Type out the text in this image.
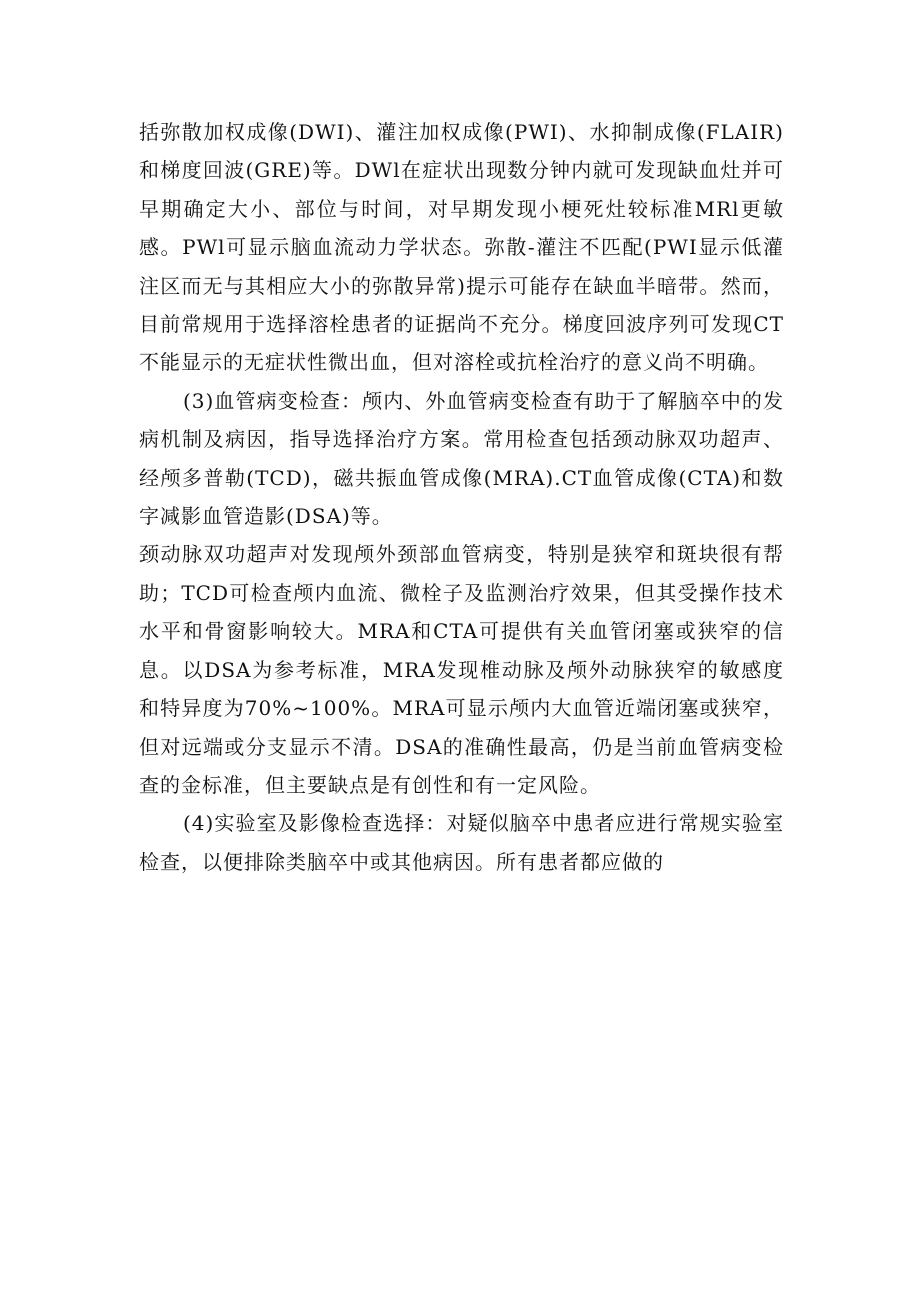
括弥散加权成像(DWI)、灌注加权成像(PWI)、水抑制成像(FLAIR)和梯度回波(GRE)等。DWl在症状出现数分钟内就可发现缺血灶并可早期确定大小、部位与时间，对早期发现小梗死灶较标准MRl更敏感。PWl可显示脑血流动力学状态。弥散-灌注不匹配(PWI显示低灌注区而无与其相应大小的弥散异常)提示可能存在缺血半暗带。然而，目前常规用于选择溶栓患者的证据尚不充分。梯度回波序列可发现CT不能显示的无症状性微出血，但对溶栓或抗栓治疗的意义尚不明确。

(3)血管病变检查：颅内、外血管病变检查有助于了解脑卒中的发病机制及病因，指导选择治疗方案。常用检查包括颈动脉双功超声、经颅多普勒(TCD)，磁共振血管成像(MRA).CT血管成像(CTA)和数字减影血管造影(DSA)等。

颈动脉双功超声对发现颅外颈部血管病变，特别是狭窄和斑块很有帮助；TCD可检查颅内血流、微栓子及监测治疗效果，但其受操作技术水平和骨窗影响较大。MRA和CTA可提供有关血管闭塞或狭窄的信息。以DSA为参考标准，MRA发现椎动脉及颅外动脉狭窄的敏感度和特异度为70%~100%。MRA可显示颅内大血管近端闭塞或狭窄，但对远端或分支显示不清。DSA的准确性最高，仍是当前血管病变检查的金标准，但主要缺点是有创性和有一定风险。

(4)实验室及影像检查选择：对疑似脑卒中患者应进行常规实验室检查，以便排除类脑卒中或其他病因。所有患者都应做的
